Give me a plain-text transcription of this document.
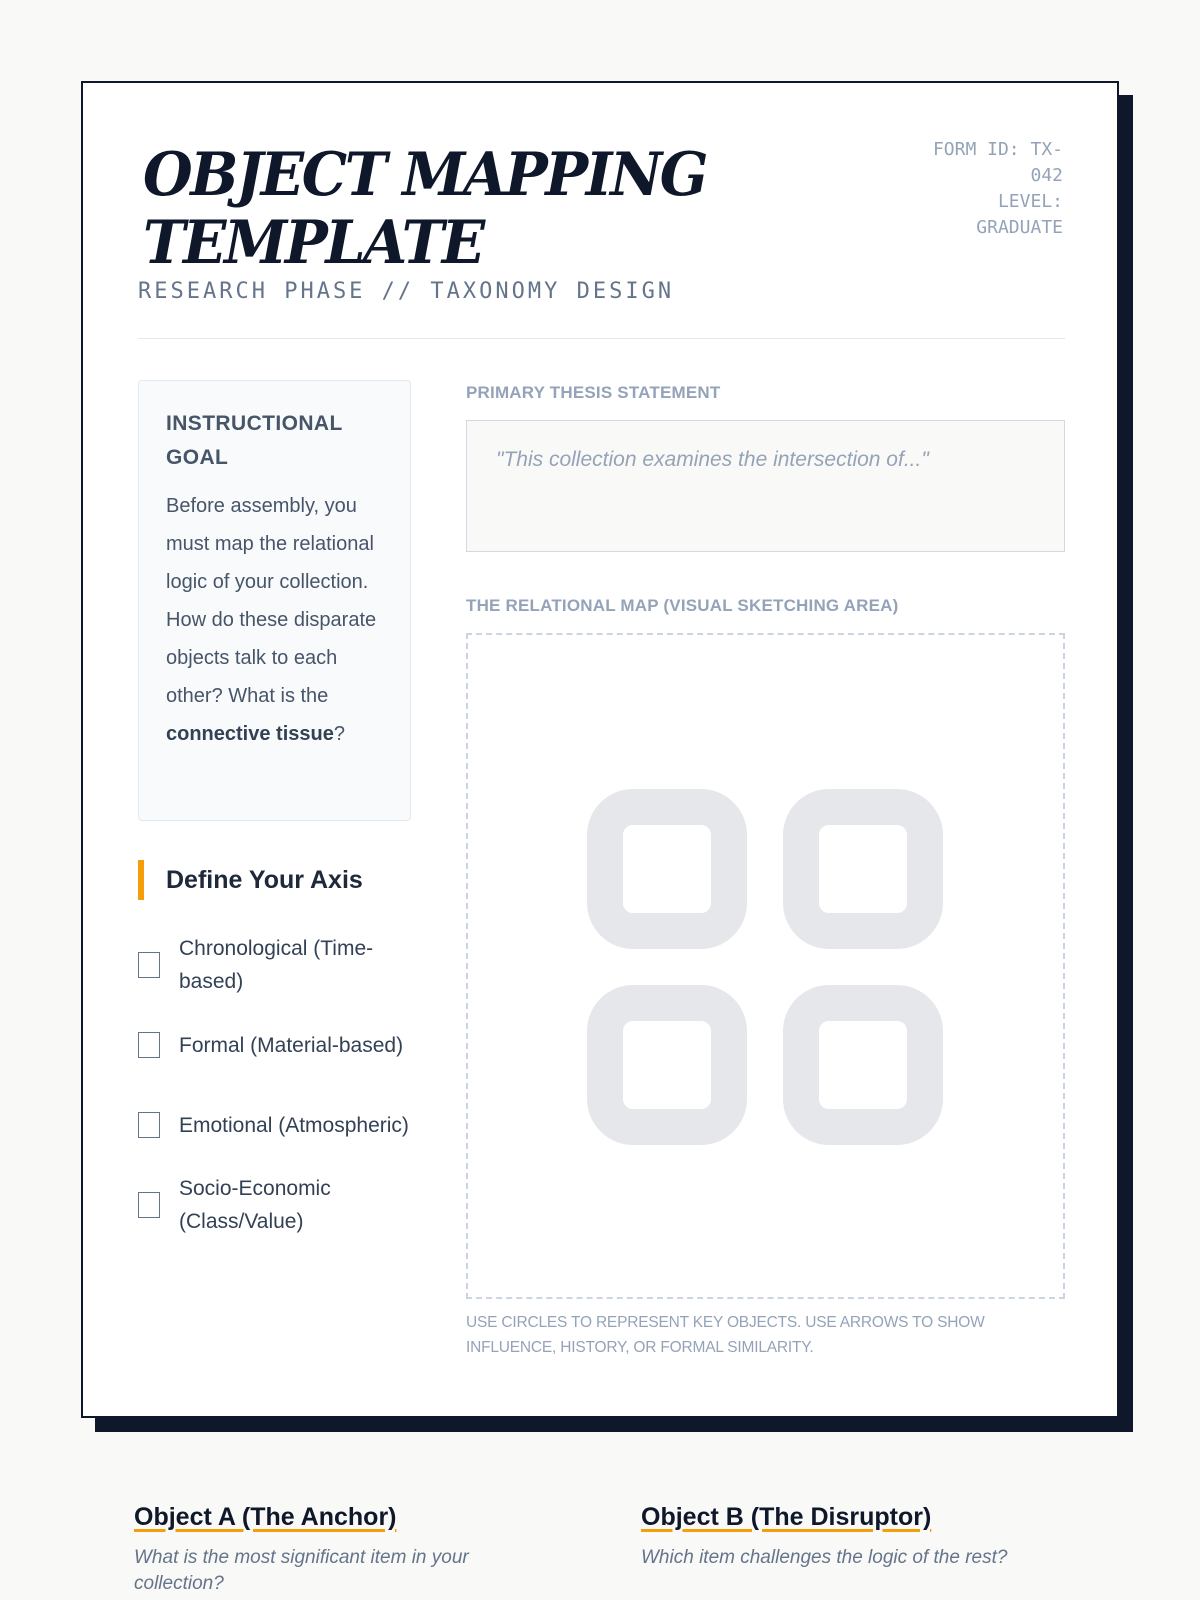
OBJECT MAPPING
TEMPLATE
RESEARCH PHASE // TAXONOMY DESIGN
FORM ID: TX-042
LEVEL: GRADUATE
INSTRUCTIONAL GOAL

Before assembly, you must map the relational logic of your collection. How do these disparate objects talk to each other? What is the connective tissue?

Define Your Axis
Chronological (Time-based)
Formal (Material-based)
Emotional (Atmospheric)
Socio-Economic (Class/Value)
PRIMARY THESIS STATEMENT
"This collection examines the intersection of..."
THE RELATIONAL MAP (VISUAL SKETCHING AREA)
USE CIRCLES TO REPRESENT KEY OBJECTS. USE ARROWS TO SHOW INFLUENCE, HISTORY, OR FORMAL SIMILARITY.
Object A (The Anchor)

What is the most significant item in your collection?

Object B (The Disruptor)

Which item challenges the logic of the rest?
